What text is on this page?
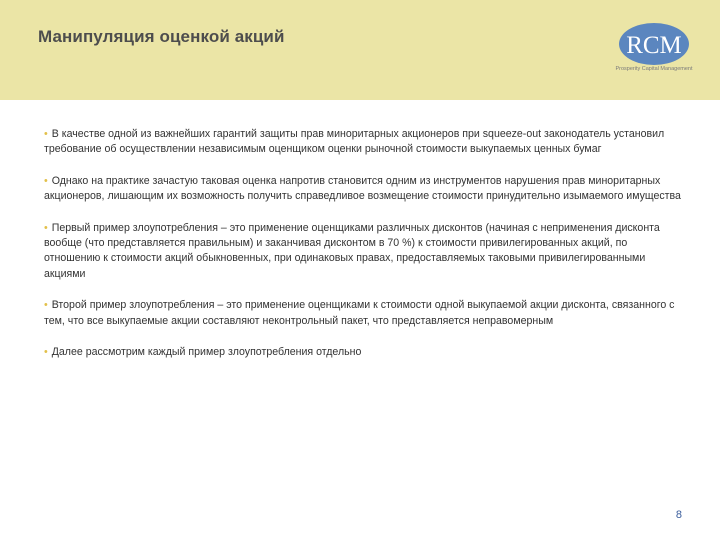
Манипуляция оценкой акций	RCM
Prosperity Capital Management

• В качестве одной из важнейших гарантий защиты прав миноритарных акционеров при squeeze-out законодатель установил требование об осуществлении независимым оценщиком оценки рыночной стоимости выкупаемых ценных бумаг

• Однако на практике зачастую таковая оценка напротив становится одним из инструментов нарушения прав миноритарных акционеров, лишающим их возможность получить справедливое возмещение стоимости принудительно изымаемого имущества

• Первый пример злоупотребления – это применение оценщиками различных дисконтов (начиная с неприменения дисконта вообще (что представляется правильным) и заканчивая дисконтом в 70 %) к стоимости привилегированных акций, по отношению к стоимости акций обыкновенных, при одинаковых правах, предоставляемых таковыми привилегированными акциями

• Второй пример злоупотребления – это применение оценщиками к стоимости одной выкупаемой акции дисконта, связанного с тем, что все выкупаемые акции составляют неконтрольный пакет, что представляется неправомерным

• Далее рассмотрим каждый пример злоупотребления отдельно

8
